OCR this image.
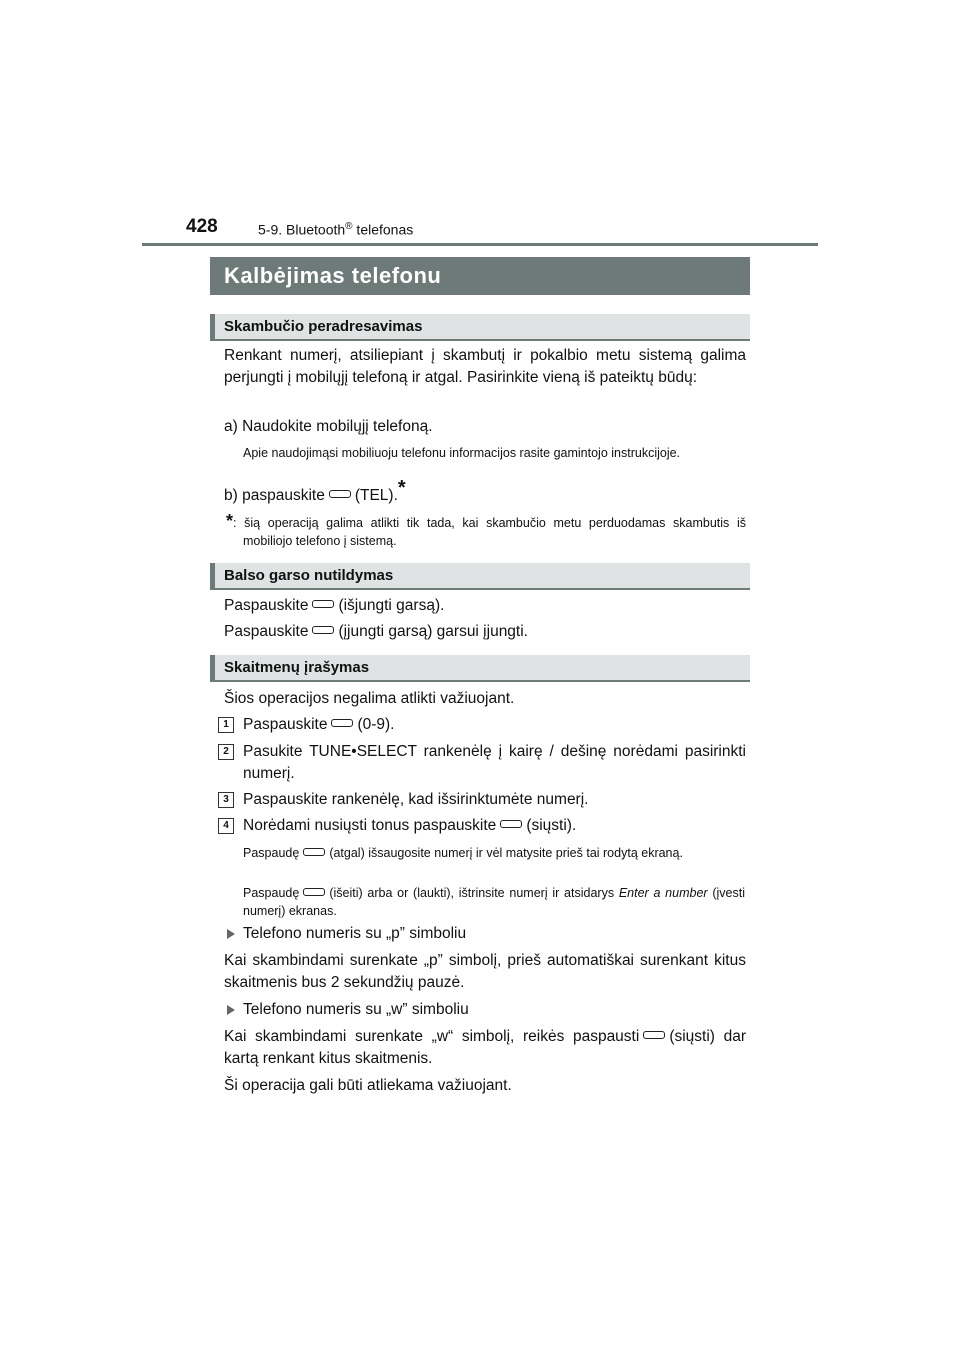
428	5-9. Bluetooth® telefonas
Kalbėjimas telefonu
Skambučio peradresavimas
Renkant numerį, atsiliepiant į skambutį ir pokalbio metu sistemą galima perjungti į mobilųjį telefoną ir atgal. Pasirinkite vieną iš pateiktų būdų:
a) Naudokite mobilųjį telefoną.
Apie naudojimąsi mobiliuoju telefonu informacijos rasite gamintojo instrukcijoje.
b) paspauskite (TEL).*
*: šią operaciją galima atlikti tik tada, kai skambučio metu perduodamas skambutis iš mobiliojo telefono į sistemą.
Balso garso nutildymas
Paspauskite (išjungti garsą).
Paspauskite (įjungti garsą) garsui įjungti.
Skaitmenų įrašymas
Šios operacijos negalima atlikti važiuojant.
1 Paspauskite (0-9).
2 Pasukite TUNE•SELECT rankenėlę į kairę / dešinę norėdami pasirinkti numerį.
3 Paspauskite rankenėlę, kad išsirinktumėte numerį.
4 Norėdami nusiųsti tonus paspauskite (siųsti).
Paspaudę (atgal) išsaugosite numerį ir vėl matysite prieš tai rodytą ekraną.
Paspaudę (išeiti) arba or (laukti), ištrinsite numerį ir atsidarys Enter a number (įvesti numerį) ekranas.
Telefono numeris su „p” simboliu
Kai skambindami surenkate „p” simbolį, prieš automatiškai surenkant kitus skaitmenis bus 2 sekundžių pauzė.
Telefono numeris su „w” simboliu
Kai skambindami surenkate „w“ simbolį, reikės paspausti (siųsti) dar kartą renkant kitus skaitmenis.
Ši operacija gali būti atliekama važiuojant.
